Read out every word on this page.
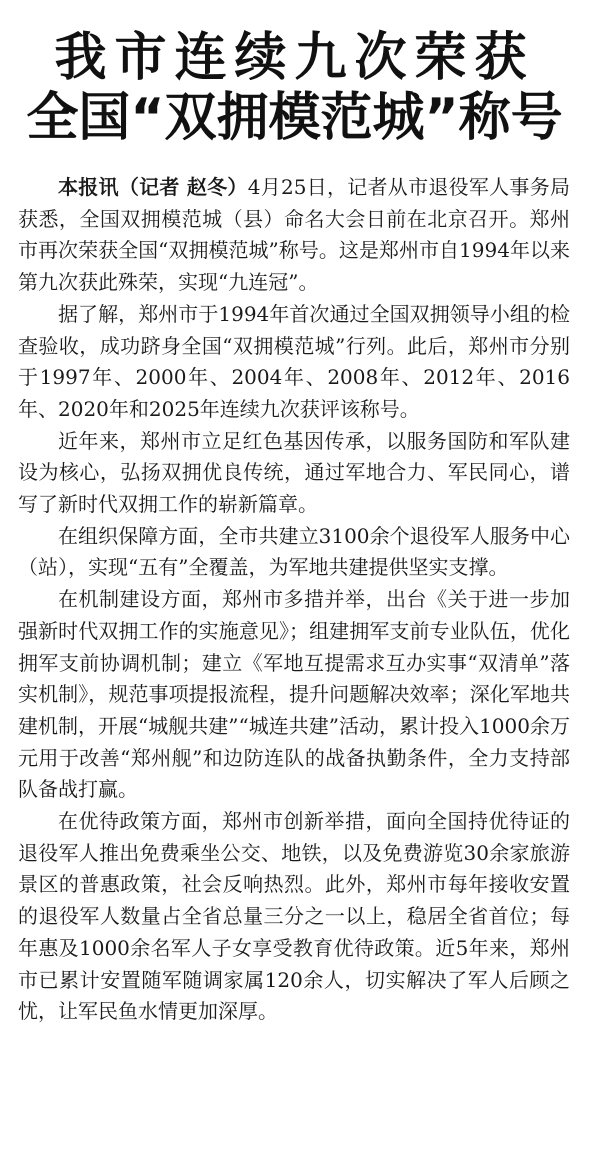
我市连续九次荣获
全国“双拥模范城”称号

本报讯（记者 赵冬）4月25日，记者从市退役军人事务局获悉，全国双拥模范城（县）命名大会日前在北京召开。郑州市再次荣获全国“双拥模范城”称号。这是郑州市自1994年以来第九次获此殊荣，实现“九连冠”。

据了解，郑州市于1994年首次通过全国双拥领导小组的检查验收，成功跻身全国“双拥模范城”行列。此后，郑州市分别于1997年、2000年、2004年、2008年、2012年、2016年、2020年和2025年连续九次获评该称号。

近年来，郑州市立足红色基因传承，以服务国防和军队建设为核心，弘扬双拥优良传统，通过军地合力、军民同心，谱写了新时代双拥工作的崭新篇章。

在组织保障方面，全市共建立3100余个退役军人服务中心（站），实现“五有”全覆盖，为军地共建提供坚实支撑。

在机制建设方面，郑州市多措并举，出台《关于进一步加强新时代双拥工作的实施意见》；组建拥军支前专业队伍，优化拥军支前协调机制；建立《军地互提需求互办实事“双清单”落实机制》，规范事项提报流程，提升问题解决效率；深化军地共建机制，开展“城舰共建”“城连共建”活动，累计投入1000余万元用于改善“郑州舰”和边防连队的战备执勤条件，全力支持部队备战打赢。

在优待政策方面，郑州市创新举措，面向全国持优待证的退役军人推出免费乘坐公交、地铁，以及免费游览30余家旅游景区的普惠政策，社会反响热烈。此外，郑州市每年接收安置的退役军人数量占全省总量三分之一以上，稳居全省首位；每年惠及1000余名军人子女享受教育优待政策。近5年来，郑州市已累计安置随军随调家属120余人，切实解决了军人后顾之忧，让军民鱼水情更加深厚。
